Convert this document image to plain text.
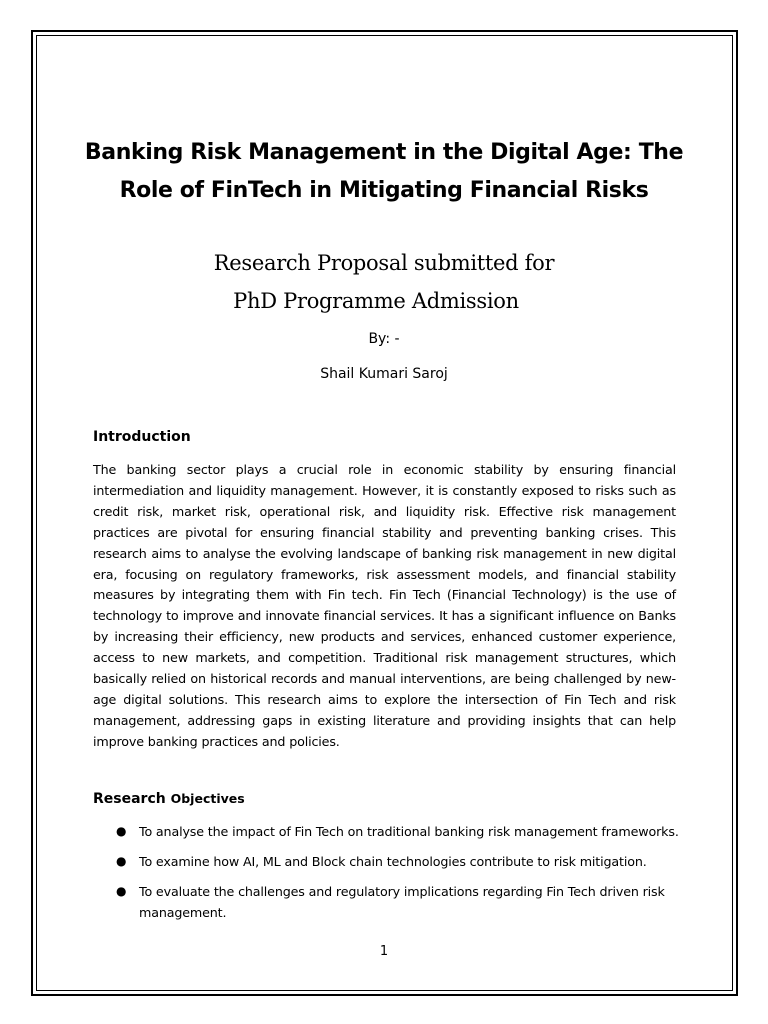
Banking Risk Management in the Digital Age: The Role of FinTech in Mitigating Financial Risks

Research Proposal submitted for

PhD Programme Admission

By: -

Shail Kumari Saroj

Introduction

The banking sector plays a crucial role in economic stability by ensuring financial intermediation and liquidity management. However, it is constantly exposed to risks such as credit risk, market risk, operational risk, and liquidity risk. Effective risk management practices are pivotal for ensuring financial stability and preventing banking crises. This research aims to analyse the evolving landscape of banking risk management in new digital era, focusing on regulatory frameworks, risk assessment models, and financial stability measures by integrating them with Fin tech. Fin Tech (Financial Technology) is the use of technology to improve and innovate financial services. It has a significant influence on Banks by increasing their efficiency, new products and services, enhanced customer experience, access to new markets, and competition. Traditional risk management structures, which basically relied on historical records and manual interventions, are being challenged by new-age digital solutions. This research aims to explore the intersection of Fin Tech and risk management, addressing gaps in existing literature and providing insights that can help improve banking practices and policies.

Research Objectives
● To analyse the impact of Fin Tech on traditional banking risk management frameworks.
● To examine how AI, ML and Block chain technologies contribute to risk mitigation.
● To evaluate the challenges and regulatory implications regarding Fin Tech driven risk management.

1
